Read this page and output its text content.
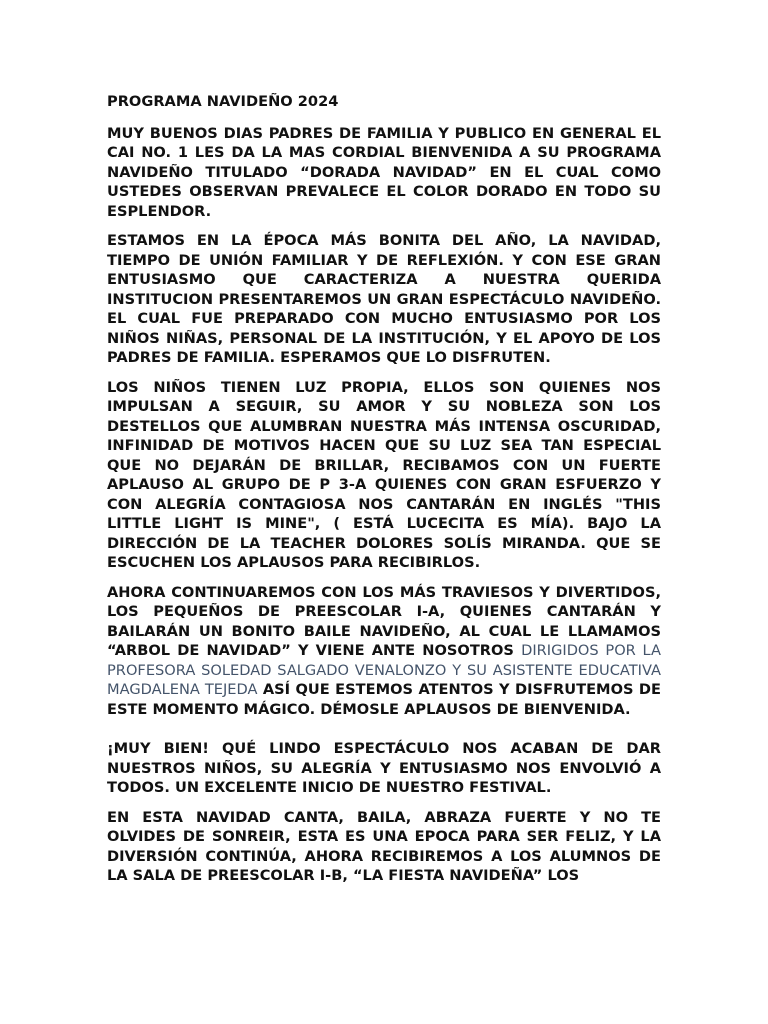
PROGRAMA NAVIDEÑO 2024

MUY BUENOS DIAS PADRES DE FAMILIA Y PUBLICO EN GENERAL EL CAI NO. 1 LES DA LA MAS CORDIAL BIENVENIDA A SU PROGRAMA NAVIDEÑO TITULADO “DORADA NAVIDAD” EN EL CUAL COMO USTEDES OBSERVAN PREVALECE EL COLOR DORADO EN TODO SU ESPLENDOR.

ESTAMOS EN LA ÉPOCA MÁS BONITA DEL AÑO, LA NAVIDAD, TIEMPO DE UNIÓN FAMILIAR Y DE REFLEXIÓN. Y CON ESE GRAN ENTUSIASMO QUE CARACTERIZA A NUESTRA QUERIDA INSTITUCION PRESENTAREMOS UN GRAN ESPECTÁCULO NAVIDEÑO. EL CUAL FUE PREPARADO CON MUCHO ENTUSIASMO POR LOS NIÑOS NIÑAS, PERSONAL DE LA INSTITUCIÓN, Y EL APOYO DE LOS PADRES DE FAMILIA. ESPERAMOS QUE LO DISFRUTEN.

LOS NIÑOS TIENEN LUZ PROPIA, ELLOS SON QUIENES NOS IMPULSAN A SEGUIR, SU AMOR Y SU NOBLEZA SON LOS DESTELLOS QUE ALUMBRAN NUESTRA MÁS INTENSA OSCURIDAD, INFINIDAD DE MOTIVOS HACEN QUE SU LUZ SEA TAN ESPECIAL QUE NO DEJARÁN DE BRILLAR, RECIBAMOS CON UN FUERTE APLAUSO AL GRUPO DE P 3-A QUIENES CON GRAN ESFUERZO Y CON ALEGRÍA CONTAGIOSA NOS CANTARÁN EN INGLÉS "THIS LITTLE LIGHT IS MINE", ( ESTÁ LUCECITA ES MÍA). BAJO LA DIRECCIÓN DE LA TEACHER DOLORES SOLÍS MIRANDA. QUE SE ESCUCHEN LOS APLAUSOS PARA RECIBIRLOS.

AHORA CONTINUAREMOS CON LOS MÁS TRAVIESOS Y DIVERTIDOS, LOS PEQUEÑOS DE PREESCOLAR I-A, QUIENES CANTARÁN Y BAILARÁN UN BONITO BAILE NAVIDEÑO, AL CUAL LE LLAMAMOS “ARBOL DE NAVIDAD” Y VIENE ANTE NOSOTROS DIRIGIDOS POR LA PROFESORA SOLEDAD SALGADO VENALONZO Y SU ASISTENTE EDUCATIVA MAGDALENA TEJEDA ASÍ QUE ESTEMOS ATENTOS Y DISFRUTEMOS DE ESTE MOMENTO MÁGICO. DÉMOSLE APLAUSOS DE BIENVENIDA.

¡MUY BIEN! QUÉ LINDO ESPECTÁCULO NOS ACABAN DE DAR NUESTROS NIÑOS, SU ALEGRÍA Y ENTUSIASMO NOS ENVOLVIÓ A TODOS. UN EXCELENTE INICIO DE NUESTRO FESTIVAL.

EN ESTA NAVIDAD CANTA, BAILA, ABRAZA FUERTE Y NO TE OLVIDES DE SONREIR, ESTA ES UNA EPOCA PARA SER FELIZ, Y LA DIVERSIÓN CONTINÚA, AHORA RECIBIREMOS A LOS ALUMNOS DE LA SALA DE PREESCOLAR I-B, “LA FIESTA NAVIDEÑA” LOS
